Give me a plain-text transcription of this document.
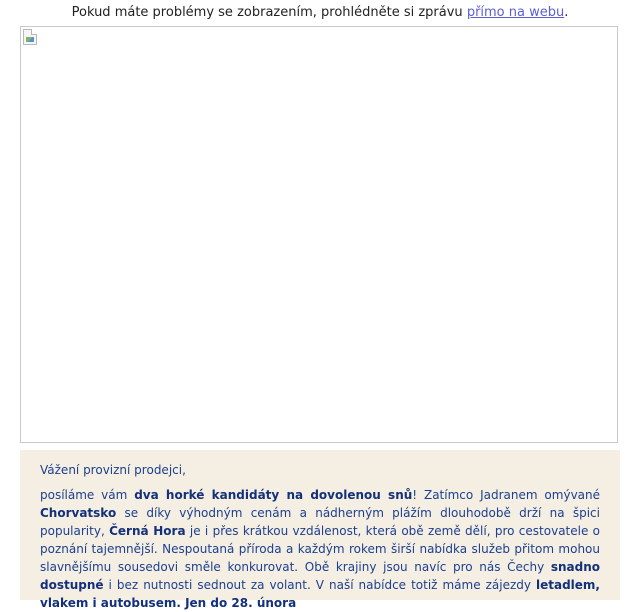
Pokud máte problémy se zobrazením, prohlédněte si zprávu přímo na webu.
Vážení provizní prodejci,
posíláme vám dva horké kandidáty na dovolenou snů! Zatímco Jadranem omývané Chorvatsko se díky výhodným cenám a nádherným plážím dlouhodobě drží na špici popularity, Černá Hora je i přes krátkou vzdálenost, která obě země dělí, pro cestovatele o poznání tajemnější. Nespoutaná příroda a každým rokem širší nabídka služeb přitom mohou slavnějšímu sousedovi směle konkurovat. Obě krajiny jsou navíc pro nás Čechy snadno dostupné i bez nutnosti sednout za volant. V naší nabídce totiž máme zájezdy letadlem, vlakem i autobusem. Jen do 28. února
